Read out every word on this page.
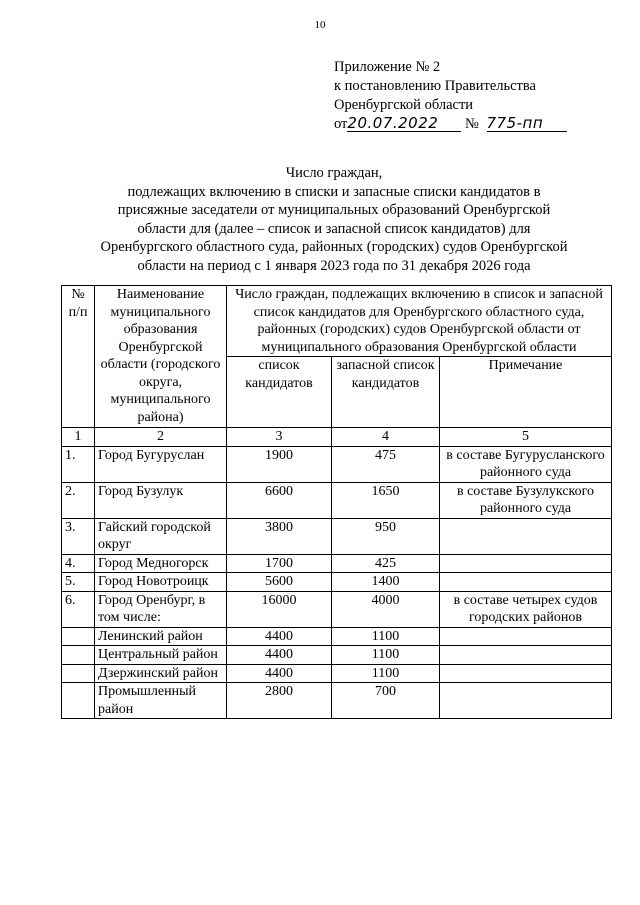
10
Приложение № 2
к постановлению Правительства
Оренбургской области
от20.07.2022 № 775-пп
Число граждан,
подлежащих включению в списки и запасные списки кандидатов в
присяжные заседатели от муниципальных образований Оренбургской
области для (далее – список и запасной список кандидатов) для
Оренбургского областного суда, районных (городских) судов Оренбургской
области на период с 1 января 2023 года по 31 декабря 2026 года
№ п/п	Наименование муниципального образования Оренбургской области (городского округа, муниципального района)	Число граждан, подлежащих включению в список и запасной список кандидатов для Оренбургского областного суда, районных (городских) судов Оренбургской области от муниципального образования Оренбургской области		
		список кандидатов	запасной список кандидатов	Примечание
1	2	3	4	5
1.	Город Бугуруслан	1900	475	в составе Бугурусланского районного суда
2.	Город Бузулук	6600	1650	в составе Бузулукского районного суда
3.	Гайский городской округ	3800	950	
4.	Город Медногорск	1700	425	
5.	Город Новотроицк	5600	1400	
6.	Город Оренбург, в том числе:	16000	4000	в составе четырех судов городских районов
	Ленинский район	4400	1100	
	Центральный район	4400	1100	
	Дзержинский район	4400	1100	
	Промышленный район	2800	700	
